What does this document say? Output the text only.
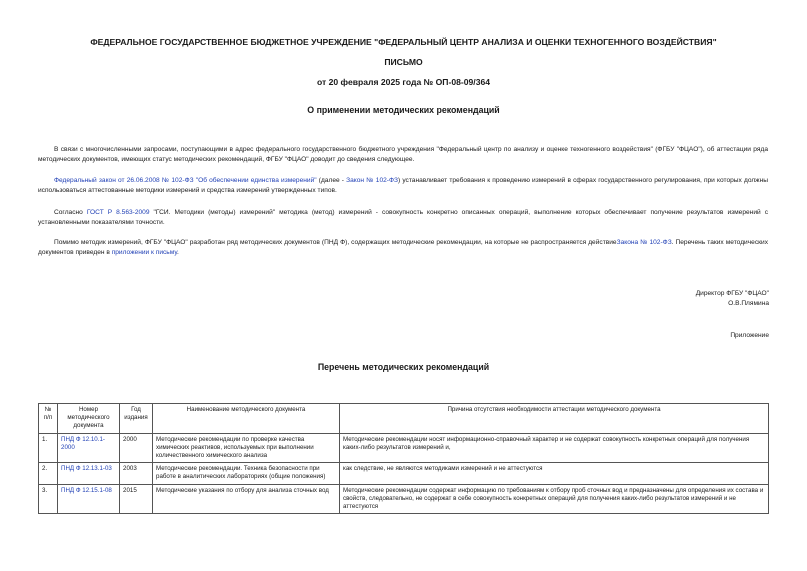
ФЕДЕРАЛЬНОЕ ГОСУДАРСТВЕННОЕ БЮДЖЕТНОЕ УЧРЕЖДЕНИЕ "ФЕДЕРАЛЬНЫЙ ЦЕНТР АНАЛИЗА И ОЦЕНКИ ТЕХНОГЕННОГО ВОЗДЕЙСТВИЯ"
ПИСЬМО
от 20 февраля 2025 года № ОП-08-09/364
О применении методических рекомендаций
В связи с многочисленными запросами, поступающими в адрес федерального государственного бюджетного учреждения "Федеральный центр по анализу и оценке техногенного воздействия" (ФГБУ "ФЦАО"), об аттестации ряда методических документов, имеющих статус методических рекомендаций, ФГБУ "ФЦАО" доводит до сведения следующее.
Федеральный закон от 26.06.2008 № 102-ФЗ "Об обеспечении единства измерений" (далее - Закон № 102-ФЗ) устанавливает требования к проведению измерений в сферах государственного регулирования, при которых должны использоваться аттестованные методики измерений и средства измерений утвержденных типов.
Согласно ГОСТ Р 8.563-2009 "ГСИ. Методики (методы) измерений" методика (метод) измерений - совокупность конкретно описанных операций, выполнение которых обеспечивает получение результатов измерений с установленными показателями точности.
Помимо методик измерений, ФГБУ "ФЦАО" разработан ряд методических документов (ПНД Ф), содержащих методические рекомендации, на которые не распространяется действиеЗакона № 102-ФЗ. Перечень таких методических документов приведен в приложении к письму.
Директор ФГБУ "ФЦАО"
О.В.Плямина
Приложение
Перечень методических рекомендаций
№ п/п	Номер методического документа	Год издания	Наименование методического документа	Причина отсутствия необходимости аттестации методического документа
1.	ПНД Ф 12.10.1-2000	2000	Методические рекомендации по проверке качества химических реактивов, используемых при выполнении количественного химического анализа	Методические рекомендации носят информационно-справочный характер и не содержат совокупность конкретных операций для получения каких-либо результатов измерений и,
2.	ПНД Ф 12.13.1-03	2003	Методические рекомендации. Техника безопасности при работе в аналитических лабораториях (общие положения)	как следствие, не являются методиками измерений и не аттестуются
3.	ПНД Ф 12.15.1-08	2015	Методические указания по отбору для анализа сточных вод	Методические рекомендации содержат информацию по требованиям к отбору проб сточных вод и предназначены для определения их состава и свойств, следовательно, не содержат в себе совокупность конкретных операций для получения каких-либо результатов измерений и не аттестуются
